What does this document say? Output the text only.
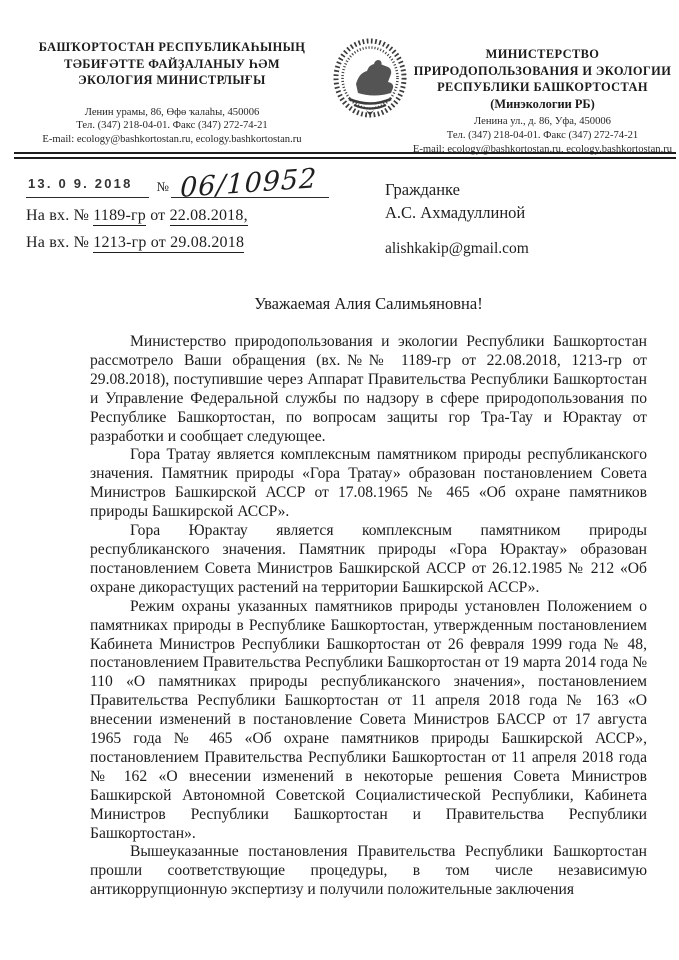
БАШҠОРТОСТАН РЕСПУБЛИКАҺЫНЫҢ
ТӘБИҒӘТТЕ ФАЙҘАЛАНЫУ ҺӘМ
ЭКОЛОГИЯ МИНИСТРЛЫҒЫ
Ленин урамы, 86, Өфө ҡалаһы, 450006
Тел. (347) 218-04-01. Факс (347) 272-74-21
E-mail: ecology@bashkortostan.ru, ecology.bashkortostan.ru
МИНИСТЕРСТВО
ПРИРОДОПОЛЬЗОВАНИЯ И ЭКОЛОГИИ
РЕСПУБЛИКИ БАШКОРТОСТАН
(Минэкологии РБ)
Ленина ул., д. 86, Уфа, 450006
Тел. (347) 218-04-01. Факс (347) 272-74-21
E-mail: ecology@bashkortostan.ru, ecology.bashkortostan.ru
13. 0 9. 2018	№ 06/10952
На вх. № 1189-гр от 22.08.2018,
На вх. № 1213-гр от 29.08.2018
Гражданке
А.С. Ахмадуллиной
alishkakip@gmail.com
Уважаемая Алия Салимьяновна!

Министерство природопользования и экологии Республики Башкортостан рассмотрело Ваши обращения (вх.№№ 1189-гр от 22.08.2018, 1213-гр от 29.08.2018), поступившие через Аппарат Правительства Республики Башкортостан и Управление Федеральной службы по надзору в сфере природопользования по Республике Башкортостан, по вопросам защиты гор Тра-Тау и Юрактау от разработки и сообщает следующее.

Гора Тратау является комплексным памятником природы республиканского значения. Памятник природы «Гора Тратау» образован постановлением Совета Министров Башкирской АССР от 17.08.1965 № 465 «Об охране памятников природы Башкирской АССР».

Гора Юрактау является комплексным памятником природы республиканского значения. Памятник природы «Гора Юрактау» образован постановлением Совета Министров Башкирской АССР от 26.12.1985 № 212 «Об охране дикорастущих растений на территории Башкирской АССР».

Режим охраны указанных памятников природы установлен Положением о памятниках природы в Республике Башкортостан, утвержденным постановлением Кабинета Министров Республики Башкортостан от 26 февраля 1999 года № 48, постановлением Правительства Республики Башкортостан от 19 марта 2014 года № 110 «О памятниках природы республиканского значения», постановлением Правительства Республики Башкортостан от 11 апреля 2018 года № 163 «О внесении изменений в постановление Совета Министров БАССР от 17 августа 1965 года № 465 «Об охране памятников природы Башкирской АССР», постановлением Правительства Республики Башкортостан от 11 апреля 2018 года № 162 «О внесении изменений в некоторые решения Совета Министров Башкирской Автономной Советской Социалистической Республики, Кабинета Министров Республики Башкортостан и Правительства Республики Башкортостан».

Вышеуказанные постановления Правительства Республики Башкортостан прошли соответствующие процедуры, в том числе независимую антикоррупционную экспертизу и получили положительные заключения
